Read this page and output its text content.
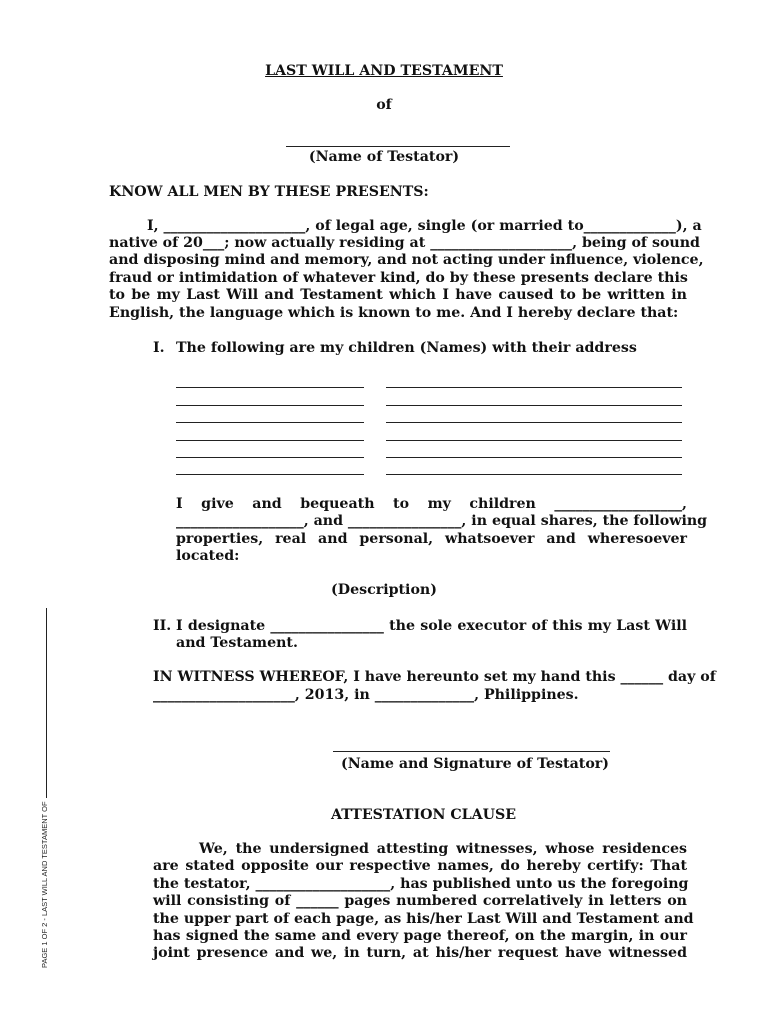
LAST WILL AND TESTAMENT
of
(Name of Testator)
KNOW ALL MEN BY THESE PRESENTS:
I, ____________________, of legal age, single (or married to_____________), a
native of 20___; now actually residing at ____________________, being of sound
and disposing mind and memory, and not acting under influence, violence,
fraud or intimidation of whatever kind, do by these presents declare this
to be my Last Will and Testament which I have caused to be written in
English, the language which is known to me. And I hereby declare that:
I. The following are my children (Names) with their address
I give and bequeath to my children __________________,
__________________, and ________________, in equal shares, the following
properties, real and personal, whatsoever and wheresoever
located:
(Description)
II. I designate ________________ the sole executor of this my Last Will
and Testament.
IN WITNESS WHEREOF, I have hereunto set my hand this ______ day of
____________________, 2013, in ______________, Philippines.
(Name and Signature of Testator)
ATTESTATION CLAUSE
We, the undersigned attesting witnesses, whose residences
are stated opposite our respective names, do hereby certify: That
the testator, ___________________, has published unto us the foregoing
will consisting of ______ pages numbered correlatively in letters on
the upper part of each page, as his/her Last Will and Testament and
has signed the same and every page thereof, on the margin, in our
joint presence and we, in turn, at his/her request have witnessed
PAGE 1 OF 2 - LAST WILL AND TESTAMENT OF
